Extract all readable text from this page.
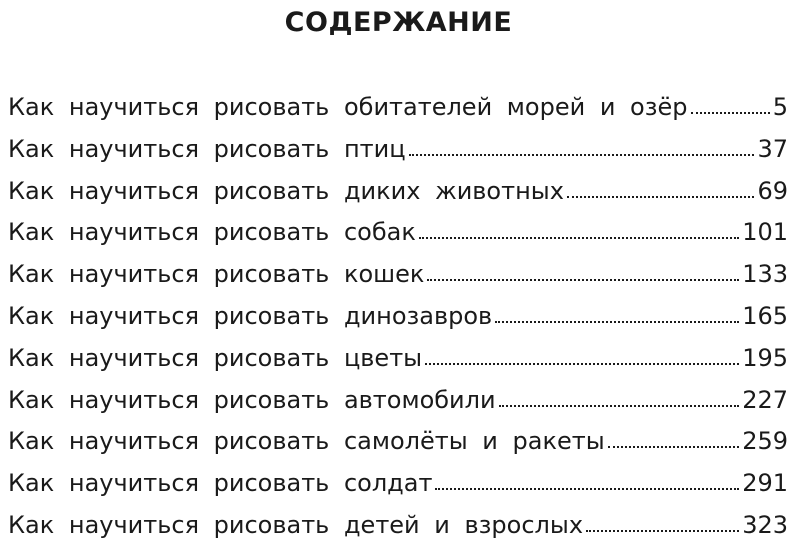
СОДЕРЖАНИЕ
Как научиться рисовать обитателей морей и озёр	5
Как научиться рисовать птиц	37
Как научиться рисовать диких животных	69
Как научиться рисовать собак	101
Как научиться рисовать кошек	133
Как научиться рисовать динозавров	165
Как научиться рисовать цветы	195
Как научиться рисовать автомобили	227
Как научиться рисовать самолёты и ракеты	259
Как научиться рисовать солдат	291
Как научиться рисовать детей и взрослых	323
